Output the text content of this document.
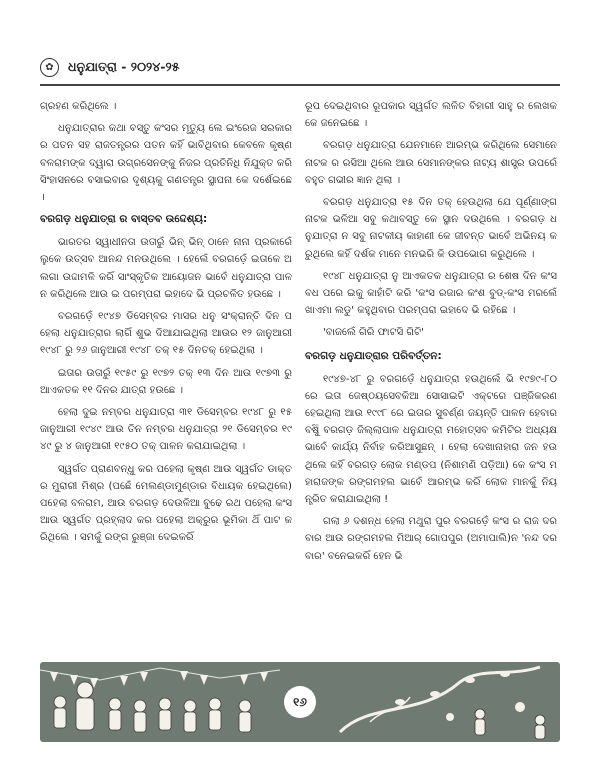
✿	ଧନୁଯାତ୍ରା - ୨୦୨୪-୨୫
ଗ୍ରହଣ କରିଥିଲେ ।
ଧନୁଯାତ୍ରାର କଥା ବସ୍ତୁ କଂସର ମୃତ୍ୟୁ ଲେ ଇଂରେଜ ସରକାରର ପତନ ସହ ରାଜତନ୍ତ୍ରର ପତନ କହିଁ ଭାବିଥିବାର କେବଳେ କୃଷ୍ଣ ବଳରାମଙ୍କ ଦ୍ୱାରା ଉଗ୍ରସେନଙ୍କୁ ନିଜର ପ୍ରତିନିଧି ନିଯୁକ୍ତ କରି ସିଂହାସନରେ ବସାଇବାର ଦୃଶ୍ୟକୁ ଗଣତନ୍ତ୍ର ସ୍ଥାପନା କେ ଦର୍ଶେଇଛେ ।
ବରଗଡ଼ ଧନୁଯାତ୍ରା ର ବାସ୍ତବ ଉଦ୍ଦେଶ୍ୟ:
ଭାରତର ସ୍ୱାଧୀନତା ଉତାରୁଁ ଭିନ୍ ଭିନ୍ ଠାନେ ନାନା ପ୍ରକାରେଁ ଲୁକେ ଉତ୍ସବ ଆନନ୍ଦ ମନଉଥିଲେ । ହେଲେଁ ବରଗଡ଼େଁ ଇତାକେ ଅଲଗା ଉଦ୍ଦାମଳି କରିଁ ସାଂସ୍କୃତିକ ଆୟୋଜନ ଭାବେଁ ଧନୁଯାତ୍ରା ପାଳନ କରିଥିଲେ ଆଉ ଇ ପରମ୍ପରା ଇହାଦେ ଭି ପ୍ରଚଳିତ ହଉଛେ ।
ବରଗଡ଼େଁ ୧୯୪୭ ଡିସେମ୍ବର ମାସର ଧନୁ ସଂକ୍ରାନ୍ତି ଦିନ ପହେଲା ଧନୁଯାତ୍ରାର ଲାଗିଁ ଶୁଭ ଦିଆଯାଇଥିଲା ଆଉର ୧୨ ଜାନୁଆରୀ ୧୯୪୮ ରୁ ୨୬ ଜାନୁଆରୀ ୧୯୪୮ ତକ୍ ୧୫ ଦିନତକ୍ ହେଇଥିଲା ।
ଇତାର ଉତାରୁଁ ୧୯୫୯ ରୁ ୧୯୭୨ ତକ୍ ୧୩ ଦିନ ଆଉ ୧୯୭୩ ରୁ ଆଏକତକ ୧୧ ଦିନର ଯାତ୍ରା ହଉଛେ ।
ହେଲା ଦୁଇ ନମ୍ବର ଧନୁଯାତ୍ରା ୩୧ ଡିସେମ୍ବର ୧୯୪୮ ରୁ ୧୫ ଜାନୁଆରୀ ୧୯୪୯ ଆଉ ତିନ ନମ୍ବର ଧନୁଯାତ୍ରା ୨୧ ଡିସେମ୍ବର ୧୯୪୯ ରୁ ୪ ଜାନୁଆରୀ ୧୯୫୦ ତକ୍ ପାଳନ କରାଯାଇଥିଲା ।
ସ୍ୱର୍ଗତ ପ୍ରାଣବନ୍ଧୁ କର ପହେଲା କୃଷ୍ଣ ଆଉ ସ୍ୱର୍ଗତ ଡାକ୍ତର ମୁରାରୀ ମିଶ୍ର (ପଛେଁ ମେଲଣ୍ଡାମୁଣ୍ଡାର ବିଧାୟକ ହେଇଥିଲେ) ପହେଲା ବଳରାମ, ଆଉ ବରଗଡ଼ ଦେଉଳିଆ ବୁଢେ ରଥ ପହେଲା କଂସ ଆଉ ସ୍ୱର୍ଗତ ପ୍ରହ୍ଲାଦ କର ପହେଲା ଅକ୍ରୁର ଭୂମିକା ଥିଁ ପାଟ କରିଥିଲେ । ସମକୁଁ ରଙ୍ଗ ରୁଞ୍ଜା ଦେଇକରିଁ
ରୂପ ଦେଇଥିବାର ରୂପକାର ସ୍ୱର୍ଗତ ଲଳିତ ବିହାରୀ ସାହୁ ର ଲେଖକ କେ ଜନେଇଛେ ।
ବରଗଡ଼ ଧନୁଯାତ୍ରା ଯେନମାନେ ଆରମ୍ଭ କରିଥିଲେ ସେମାନେ ନାଟକ ର ରସିଆ ଥିଲେ ଆଉ ସେମାନଙ୍କର ନାଟ୍ୟ ଶାସ୍ତ୍ର ଉପରେଁ ବହୁତ ଗଭୀର ଜ୍ଞାନ ଥିଲା ।
ବରଗଡ଼ ଧନୁଯାତ୍ରା ୧୫ ଦିନ ତକ୍ ହେଉଥିଲା ଯେ ପୂର୍ଣ୍ଣାଙ୍ଗ ନାଟକ ଭଳିଆ ସବୁ କଥାବସ୍ତୁ କେ ସ୍ଥାନ ଦଉଥିଲେ । ବରଗଡ଼ ଧନୁଯାତ୍ରା ନ ସବୁ ନାଟକୀୟ କାହାଣୀ କେ ଜୀବନ୍ତ ଭାବେଁ ଅଭିନୟ କରୁଥିଲେ କହିଁ ଦର୍ଶକ ମାନେ ମନଭରି କି ଉପଭୋଗ କରୁଥିଲେ ।
୧୯୪୮ ଧନୁଯାତ୍ରା ନୁ ଆଏକତକ ଧନୁଯାତ୍ରା ର ଶେଷ ଦିନ କଂସବଧ ପରେ ଇକୁ କାହାଁଟି କରି 'କଂସ ରଜାର କଂଶ ବୁଡ୍-କଂସ ମରଲେଁ ଖାଏମା ଲଡୁ' କହୁଥିବାର ପରମ୍ପରା ଇହାଦେ ଭି ରହିଛେ ।
'ବାଜଲେଁ ଗିରି ଫାଟସି ଗିଟି'
ବରଗଡ଼ ଧନୁଯାତ୍ରାର ପରିବର୍ତ୍ତନ:
୧୯୪୭-୪୮ ରୁ ବରଗଡ଼େଁ ଧନୁଯାତ୍ରା ହଉଥିଲେଁ ଭି ୧୯୭୯-୮୦ ରେ ଇତା ଜେଷ୍ଠୟସେବକିଆ ସୋସାଇଟି ଏକ୍ଟରେ ପଞ୍ଜିକରଣ ହେଇଥିଲା ଆଉ ୧୯୯୮ ରେ ଇତାର ସୁବର୍ଣ୍ଣ ଜୟନ୍ତି ପାଳନ ହେବାର ବର୍ଷୁଁ ବରଗଡ଼ ଜିଲ୍ଲାପାଳ ଧନୁଯାତ୍ରା ମହୋତ୍ସବ କମିଟିର ଅଧ୍ୟକ୍ଷ ଭାବେଁ କାର୍ଯ୍ୟ ନିର୍ବାହ କରିଆସୁଛନ୍ । ହେଲା ଦେଖାନାହାରା ଜନ ହଉଥିଲେ କହିଁ ବରଗଡ଼ ଲୋକ ମଣ୍ଡପ (ନିଶାମଣି ପଡ଼ିଆ) କେ କଂସ ମହାରାଜଙ୍କ ରଙ୍ଗମହଲ ଭାବେଁ ଆରମ୍ଭ କରିଁ ଲୋକ ମାନକୁଁ ନିୟନ୍ତ୍ରିତ କରାଯାଇଥିଲା !
ଗଲା ୬ ଦଶନ୍ଧ ହେଲା ମଥୁରା ପୁର ବରଗଡ଼େଁ କଂସ ର ରାଜ ଦରବାର ଆଉ ରଙ୍ଗମହଲ ମିଆର୍ ଗୋପପୁର (ଅମାପାଲି)ନ 'ନନ୍ଦ ଦରବାର' ବନେଇକରିଁ ହେନ ଭି
୧୬
